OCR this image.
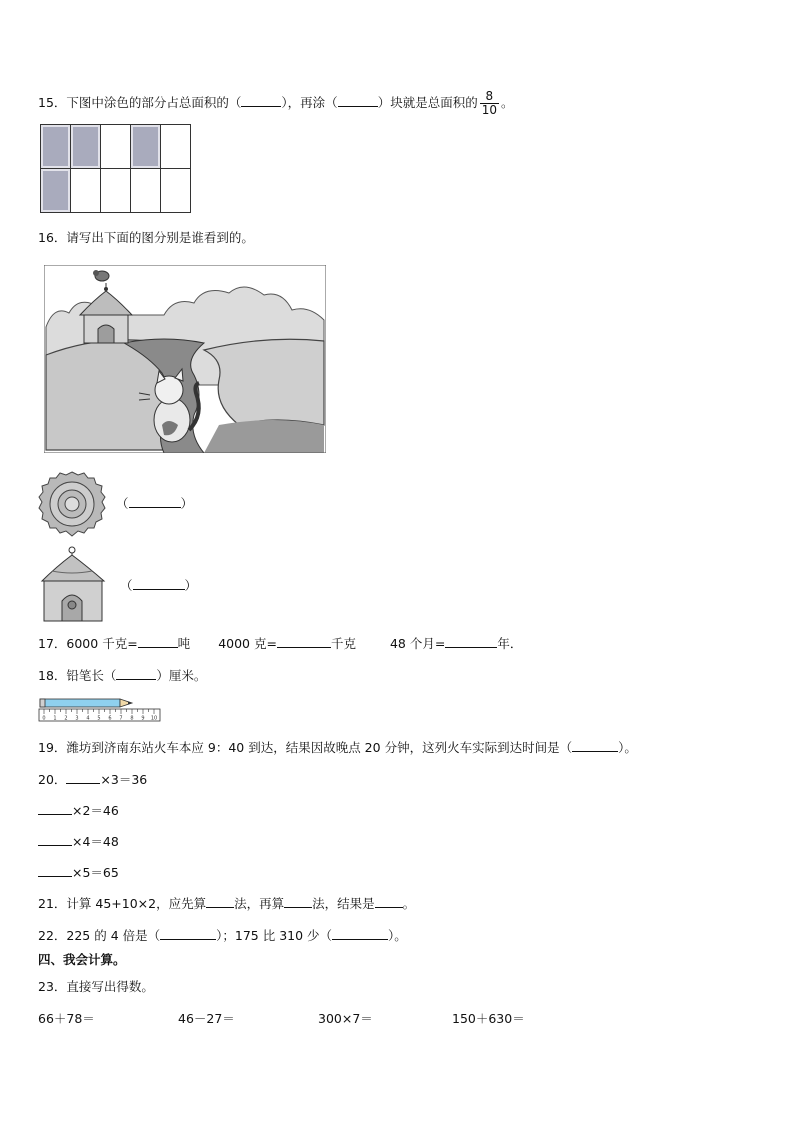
15．下图中涂色的部分占总面积的（	），再涂（	）块就是总面积的 $\frac{8}{10}$ 。

16．请写出下面的图分别是谁看到的。
（	）
（	）
17．6000 千克=	吨 4000 克=	千克	48 个月=	年．
18．铅笔长（	）厘米。
0 1 2 3 4 5 6 7 8 9 10
19．潍坊到济南东站火车本应 9：40 到达，结果因故晚点 20 分钟，这列火车实际到达时间是（	）。
20．	×3＝36
×2＝46
×4＝48
×5＝65
21．计算 45+10×2，应先算 法，再算 法，结果是 。
22．225 的 4 倍是（	）；175 比 310 少（	）。
四、我会计算。
23．直接写出得数。
66＋78＝	46－27＝	300×7＝	150＋630＝
